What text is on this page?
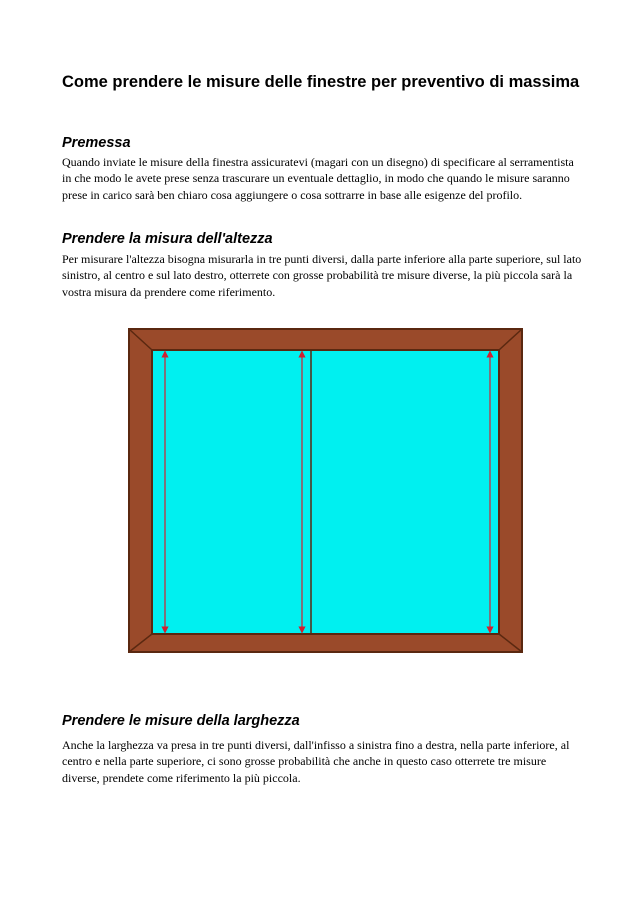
Come prendere le misure delle finestre per preventivo di massima
Premessa

Quando inviate le misure della finestra assicuratevi (magari con un disegno) di specificare al serramentista in che modo le avete prese senza trascurare un eventuale dettaglio, in modo che quando le misure saranno prese in carico sarà ben chiaro cosa aggiungere o cosa sottrarre in base alle esigenze del profilo.

Prendere la misura dell'altezza

Per misurare l'altezza bisogna misurarla in tre punti diversi, dalla parte inferiore alla parte superiore, sul lato sinistro, al centro e sul lato destro, otterrete con grosse probabilità tre misure diverse, la più piccola sarà la vostra misura da prendere come riferimento.

Prendere le misure della larghezza

Anche la larghezza va presa in tre punti diversi, dall'infisso a sinistra fino a destra, nella parte inferiore, al centro e nella parte superiore, ci sono grosse probabilità che anche in questo caso otterrete tre misure diverse, prendete come riferimento la più piccola.
